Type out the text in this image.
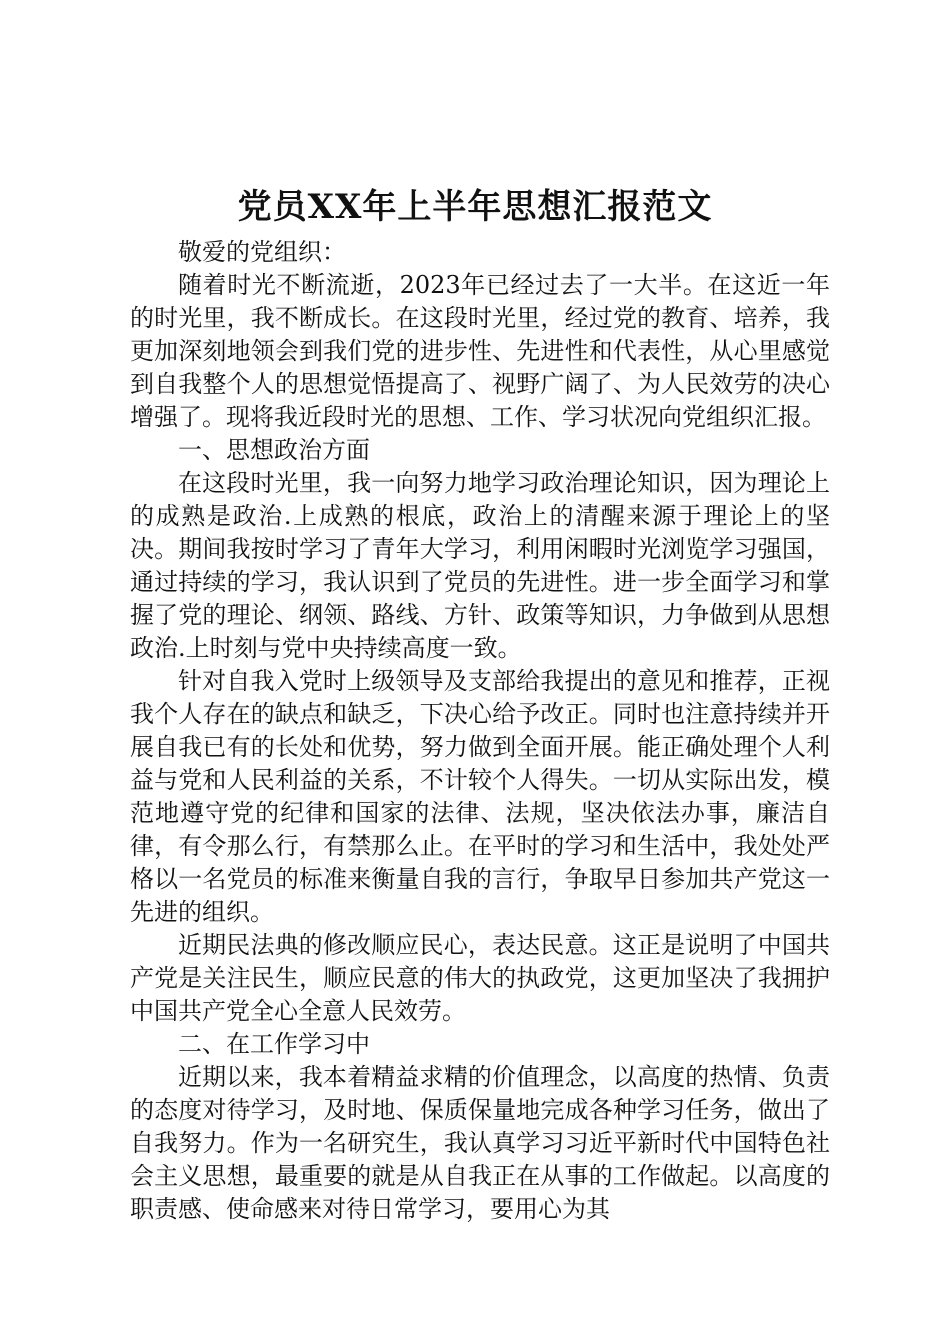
党员XX年上半年思想汇报范文

敬爱的党组织：

随着时光不断流逝，2023年已经过去了一大半。在这近一年的时光里，我不断成长。在这段时光里，经过党的教育、培养，我更加深刻地领会到我们党的进步性、先进性和代表性，从心里感觉到自我整个人的思想觉悟提高了、视野广阔了、为人民效劳的决心增强了。现将我近段时光的思想、工作、学习状况向党组织汇报。

一、思想政治方面

在这段时光里，我一向努力地学习政治理论知识，因为理论上的成熟是政治.上成熟的根底，政治上的清醒来源于理论上的坚决。期间我按时学习了青年大学习，利用闲暇时光浏览学习强国，通过持续的学习，我认识到了党员的先进性。进一步全面学习和掌握了党的理论、纲领、路线、方针、政策等知识，力争做到从思想政治.上时刻与党中央持续高度一致。

针对自我入党时上级领导及支部给我提出的意见和推荐，正视我个人存在的缺点和缺乏，下决心给予改正。同时也注意持续并开展自我已有的长处和优势，努力做到全面开展。能正确处理个人利益与党和人民利益的关系，不计较个人得失。一切从实际出发，模范地遵守党的纪律和国家的法律、法规，坚决依法办事，廉洁自律，有令那么行，有禁那么止。在平时的学习和生活中，我处处严格以一名党员的标准来衡量自我的言行，争取早日参加共产党这一先进的组织。

近期民法典的修改顺应民心，表达民意。这正是说明了中国共产党是关注民生，顺应民意的伟大的执政党，这更加坚决了我拥护中国共产党全心全意人民效劳。

二、在工作学习中

近期以来，我本着精益求精的价值理念，以高度的热情、负责的态度对待学习，及时地、保质保量地完成各种学习任务，做出了自我努力。作为一名研究生，我认真学习习近平新时代中国特色社会主义思想，最重要的就是从自我正在从事的工作做起。以高度的职责感、使命感来对待日常学习，要用心为其
